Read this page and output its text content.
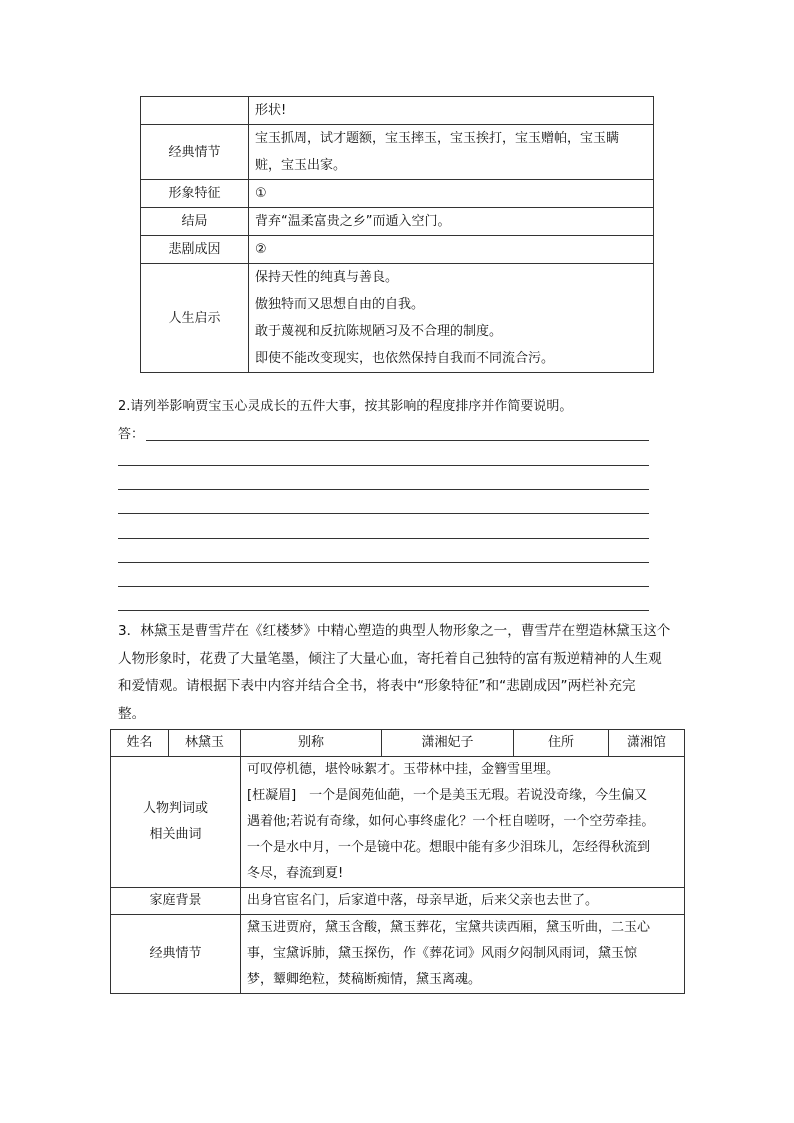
	形状!

经典情节	宝玉抓周，试才题额，宝玉摔玉，宝玉挨打，宝玉赠帕，宝玉瞒
赃，宝玉出家。

形象特征	①

结局	背弃“温柔富贵之乡”而遁入空门。

悲剧成因	②

人生启示	保持天性的纯真与善良。
傲独特而又思想自由的自我。
敢于蔑视和反抗陈规陋习及不合理的制度。
即使不能改变现实，也依然保持自我而不同流合污。
2.请列举影响贾宝玉心灵成长的五件大事，按其影响的程度排序并作简要说明。
答：
3．林黛玉是曹雪芹在《红楼梦》中精心塑造的典型人物形象之一，曹雪芹在塑造林黛玉这个
人物形象时，花费了大量笔墨，倾注了大量心血，寄托着自己独特的富有叛逆精神的人生观
和爱情观。请根据下表中内容并结合全书，将表中“形象特征”和“悲剧成因”两栏补充完
整。
姓名	林黛玉	别称	潇湘妃子	住所	潇湘馆

人物判词或
相关曲词		可叹停机德，堪怜咏絮才。玉带林中挂，金簪雪里埋。
[枉凝眉]　一个是阆苑仙葩，一个是美玉无瑕。若说没奇缘，今生偏又
遇着他;若说有奇缘，如何心事终虚化？一个枉自嗟呀，一个空劳牵挂。
一个是水中月，一个是镜中花。想眼中能有多少泪珠儿，怎经得秋流到
冬尽，春流到夏!			

家庭背景		出身官宦名门，后家道中落，母亲早逝，后来父亲也去世了。			
经典情节		黛玉进贾府，黛玉含酸，黛玉葬花，宝黛共读西厢，黛玉听曲，二玉心
事，宝黛诉肺，黛玉探伤，作《葬花词》风雨夕闷制风雨词，黛玉惊
梦，颦卿绝粒，焚稿断痴情，黛玉离魂。			
